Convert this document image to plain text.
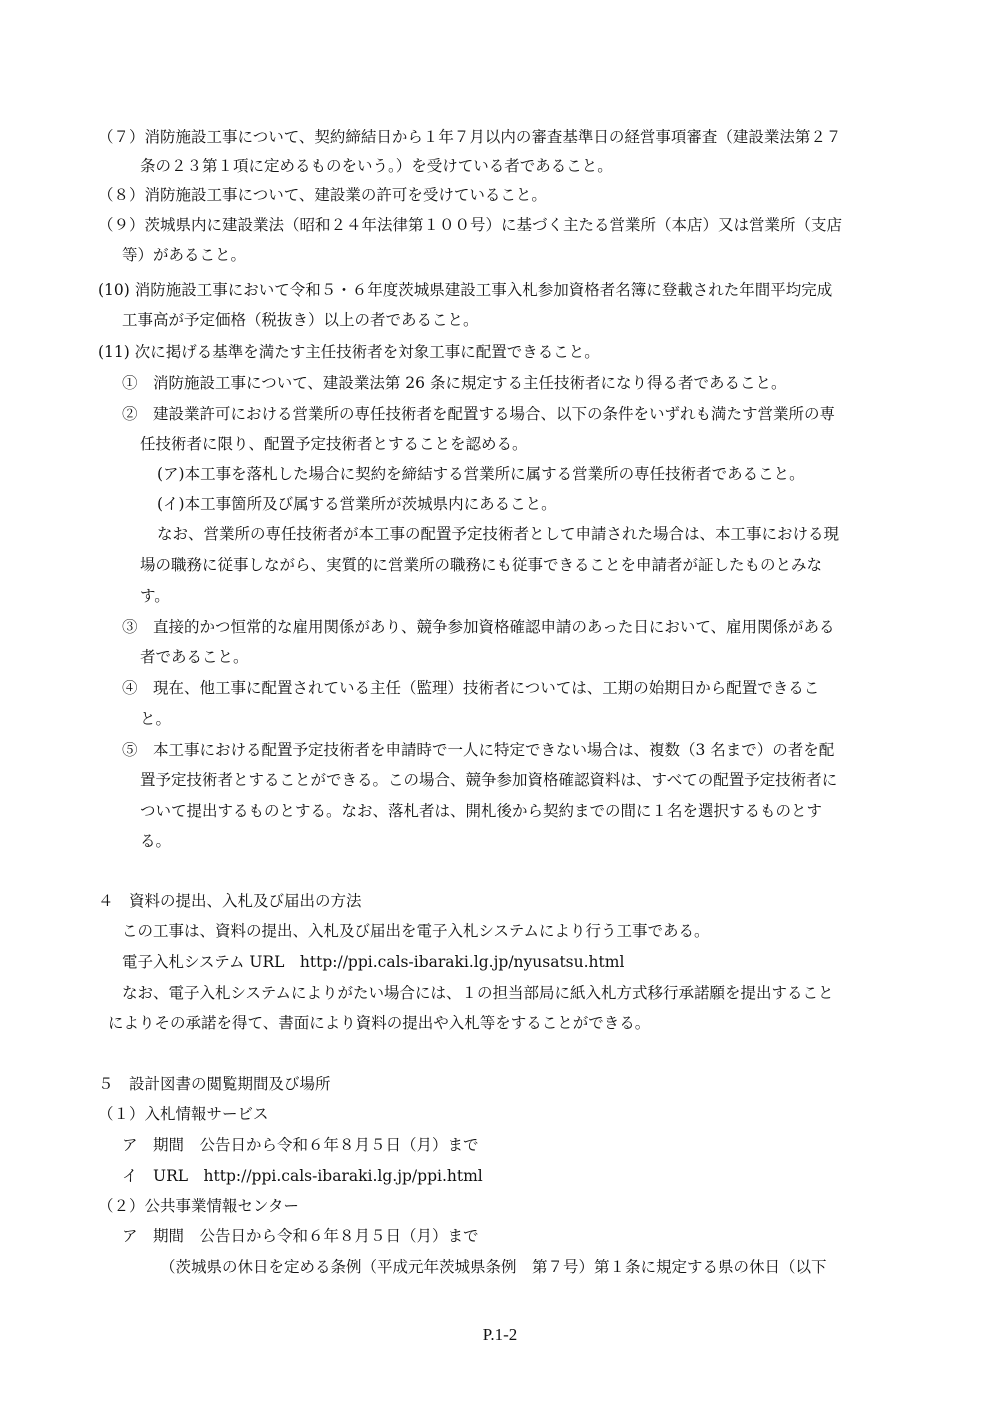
（７）消防施設工事について、契約締結日から１年７月以内の審査基準日の経営事項審査（建設業法第２７

条の２３第１項に定めるものをいう。）を受けている者であること。

（８）消防施設工事について、建設業の許可を受けていること。

（９）茨城県内に建設業法（昭和２４年法律第１００号）に基づく主たる営業所（本店）又は営業所（支店

等）があること。

(10) 消防施設工事において令和５・６年度茨城県建設工事入札参加資格者名簿に登載された年間平均完成

工事高が予定価格（税抜き）以上の者であること。

(11) 次に掲げる基準を満たす主任技術者を対象工事に配置できること。

①　消防施設工事について、建設業法第 26 条に規定する主任技術者になり得る者であること。

②　建設業許可における営業所の専任技術者を配置する場合、以下の条件をいずれも満たす営業所の専

任技術者に限り、配置予定技術者とすることを認める。

(ア)本工事を落札した場合に契約を締結する営業所に属する営業所の専任技術者であること。

(イ)本工事箇所及び属する営業所が茨城県内にあること。

なお、営業所の専任技術者が本工事の配置予定技術者として申請された場合は、本工事における現

場の職務に従事しながら、実質的に営業所の職務にも従事できることを申請者が証したものとみな

す。

③　直接的かつ恒常的な雇用関係があり、競争参加資格確認申請のあった日において、雇用関係がある

者であること。

④　現在、他工事に配置されている主任（監理）技術者については、工期の始期日から配置できるこ

と。

⑤　本工事における配置予定技術者を申請時で一人に特定できない場合は、複数（3 名まで）の者を配

置予定技術者とすることができる。この場合、競争参加資格確認資料は、すべての配置予定技術者に

ついて提出するものとする。なお、落札者は、開札後から契約までの間に１名を選択するものとす

る。

４　資料の提出、入札及び届出の方法

この工事は、資料の提出、入札及び届出を電子入札システムにより行う工事である。

電子入札システム URL　http://ppi.cals-ibaraki.lg.jp/nyusatsu.html

なお、電子入札システムによりがたい場合には、１の担当部局に紙入札方式移行承諾願を提出すること

によりその承諾を得て、書面により資料の提出や入札等をすることができる。

５　設計図書の閲覧期間及び場所

（１）入札情報サービス

ア　期間　公告日から令和６年８月５日（月）まで

イ　URL　http://ppi.cals-ibaraki.lg.jp/ppi.html

（２）公共事業情報センター

ア　期間　公告日から令和６年８月５日（月）まで

（茨城県の休日を定める条例（平成元年茨城県条例　第７号）第１条に規定する県の休日（以下

P.1-2
